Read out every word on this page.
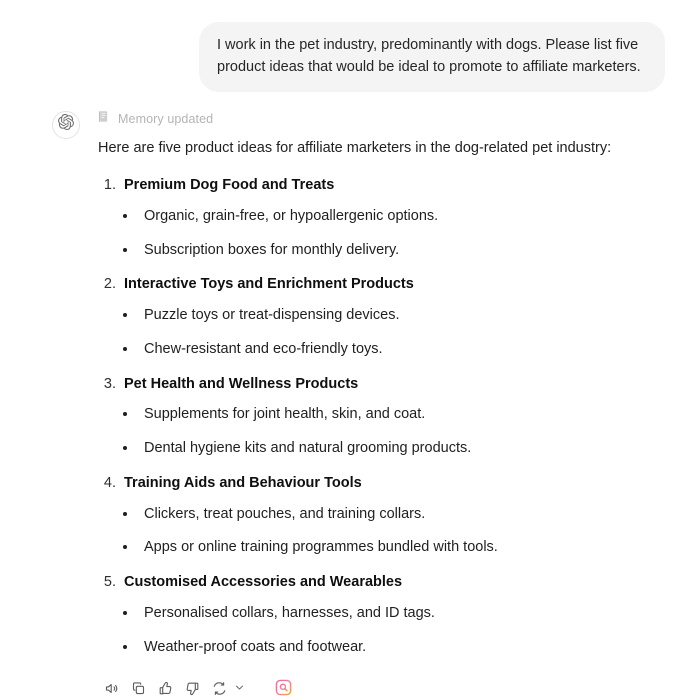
I work in the pet industry, predominantly with dogs. Please list five product ideas that would be ideal to promote to affiliate marketers.
Memory updated

Here are five product ideas for affiliate marketers in the dog-related pet industry:

1. Premium Dog Food and Treats
• Organic, grain-free, or hypoallergenic options.
• Subscription boxes for monthly delivery.
2. Interactive Toys and Enrichment Products
• Puzzle toys or treat-dispensing devices.
• Chew-resistant and eco-friendly toys.
3. Pet Health and Wellness Products
• Supplements for joint health, skin, and coat.
• Dental hygiene kits and natural grooming products.
4. Training Aids and Behaviour Tools
• Clickers, treat pouches, and training collars.
• Apps or online training programmes bundled with tools.
5. Customised Accessories and Wearables
• Personalised collars, harnesses, and ID tags.
• Weather-proof coats and footwear.
